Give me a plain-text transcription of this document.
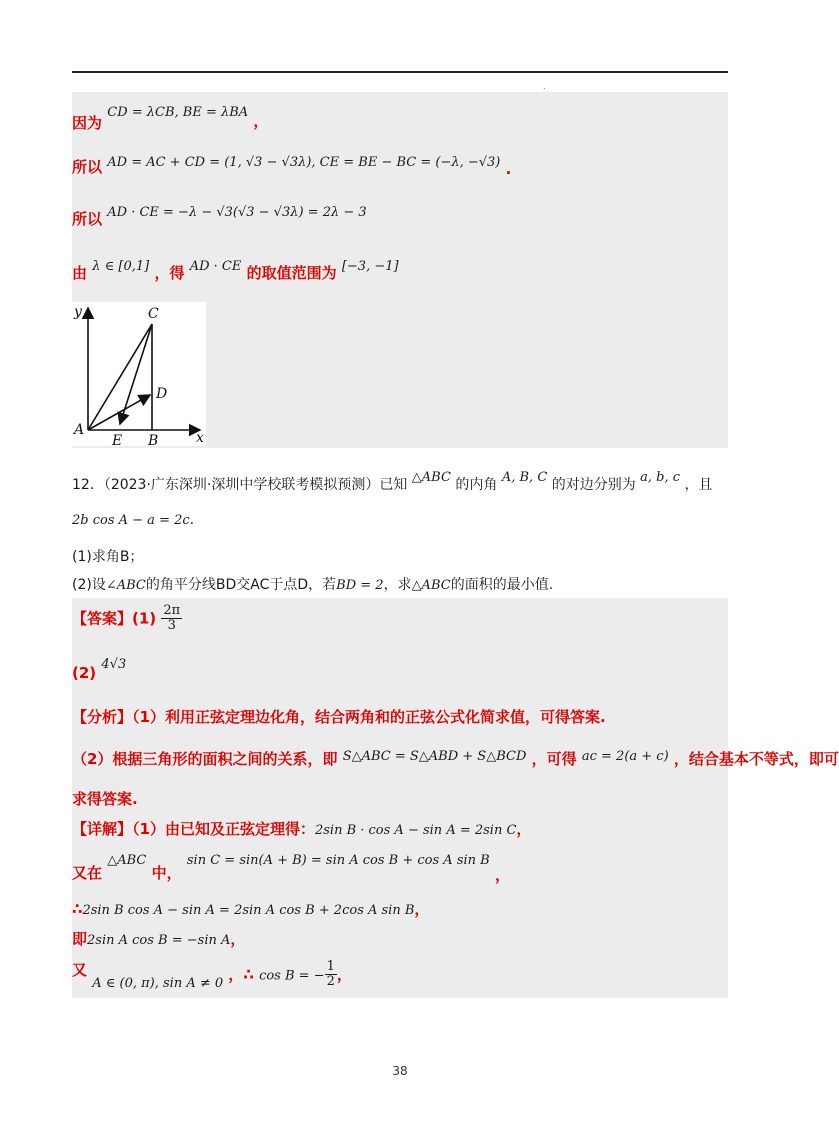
.
因为 CD = λCB, BE = λBA ，
所以 AD = AC + CD = (1, √3 − √3λ), CE = BE − BC = (−λ, −√3) .
所以 AD · CE = −λ − √3(√3 − √3λ) = 2λ − 3
由 λ ∈ [0,1] ，得 AD · CE 的取值范围为 [−3, −1]
y	C
D
A
E B	x
12．（2023·广东深圳·深圳中学校联考模拟预测）已知 △ABC 的内角 A, B, C 的对边分别为 a, b, c ，且
2b cos A − a = 2c.
(1)求角B；
(2)设∠ABC的角平分线BD交AC于点D，若BD = 2，求△ABC的面积的最小值.
【答案】$(1) \frac{2\pi}{3}$
(2) 4√3
【分析】（1）利用正弦定理边化角，结合两角和的正弦公式化简求值，可得答案.
（2）根据三角形的面积之间的关系，即 S△ABC = S△ABD + S△BCD ，可得 ac = 2(a + c) ，结合基本不等式，即可
求得答案.
【详解】（1）由已知及正弦定理得：2sin B · cos A − sin A = 2sin C，
又在 △ABC 中， sin C = sin(A + B) = sin A cos B + cos A sin B ，
∴2sin B cos A − sin A = 2sin A cos B + 2cos A sin B，
即2sin A cos B = −sin A，
又 A ∈ (0, π), sin A ≠ 0 ，∴ cos B = − $\frac{1}{2}$ ，
38
